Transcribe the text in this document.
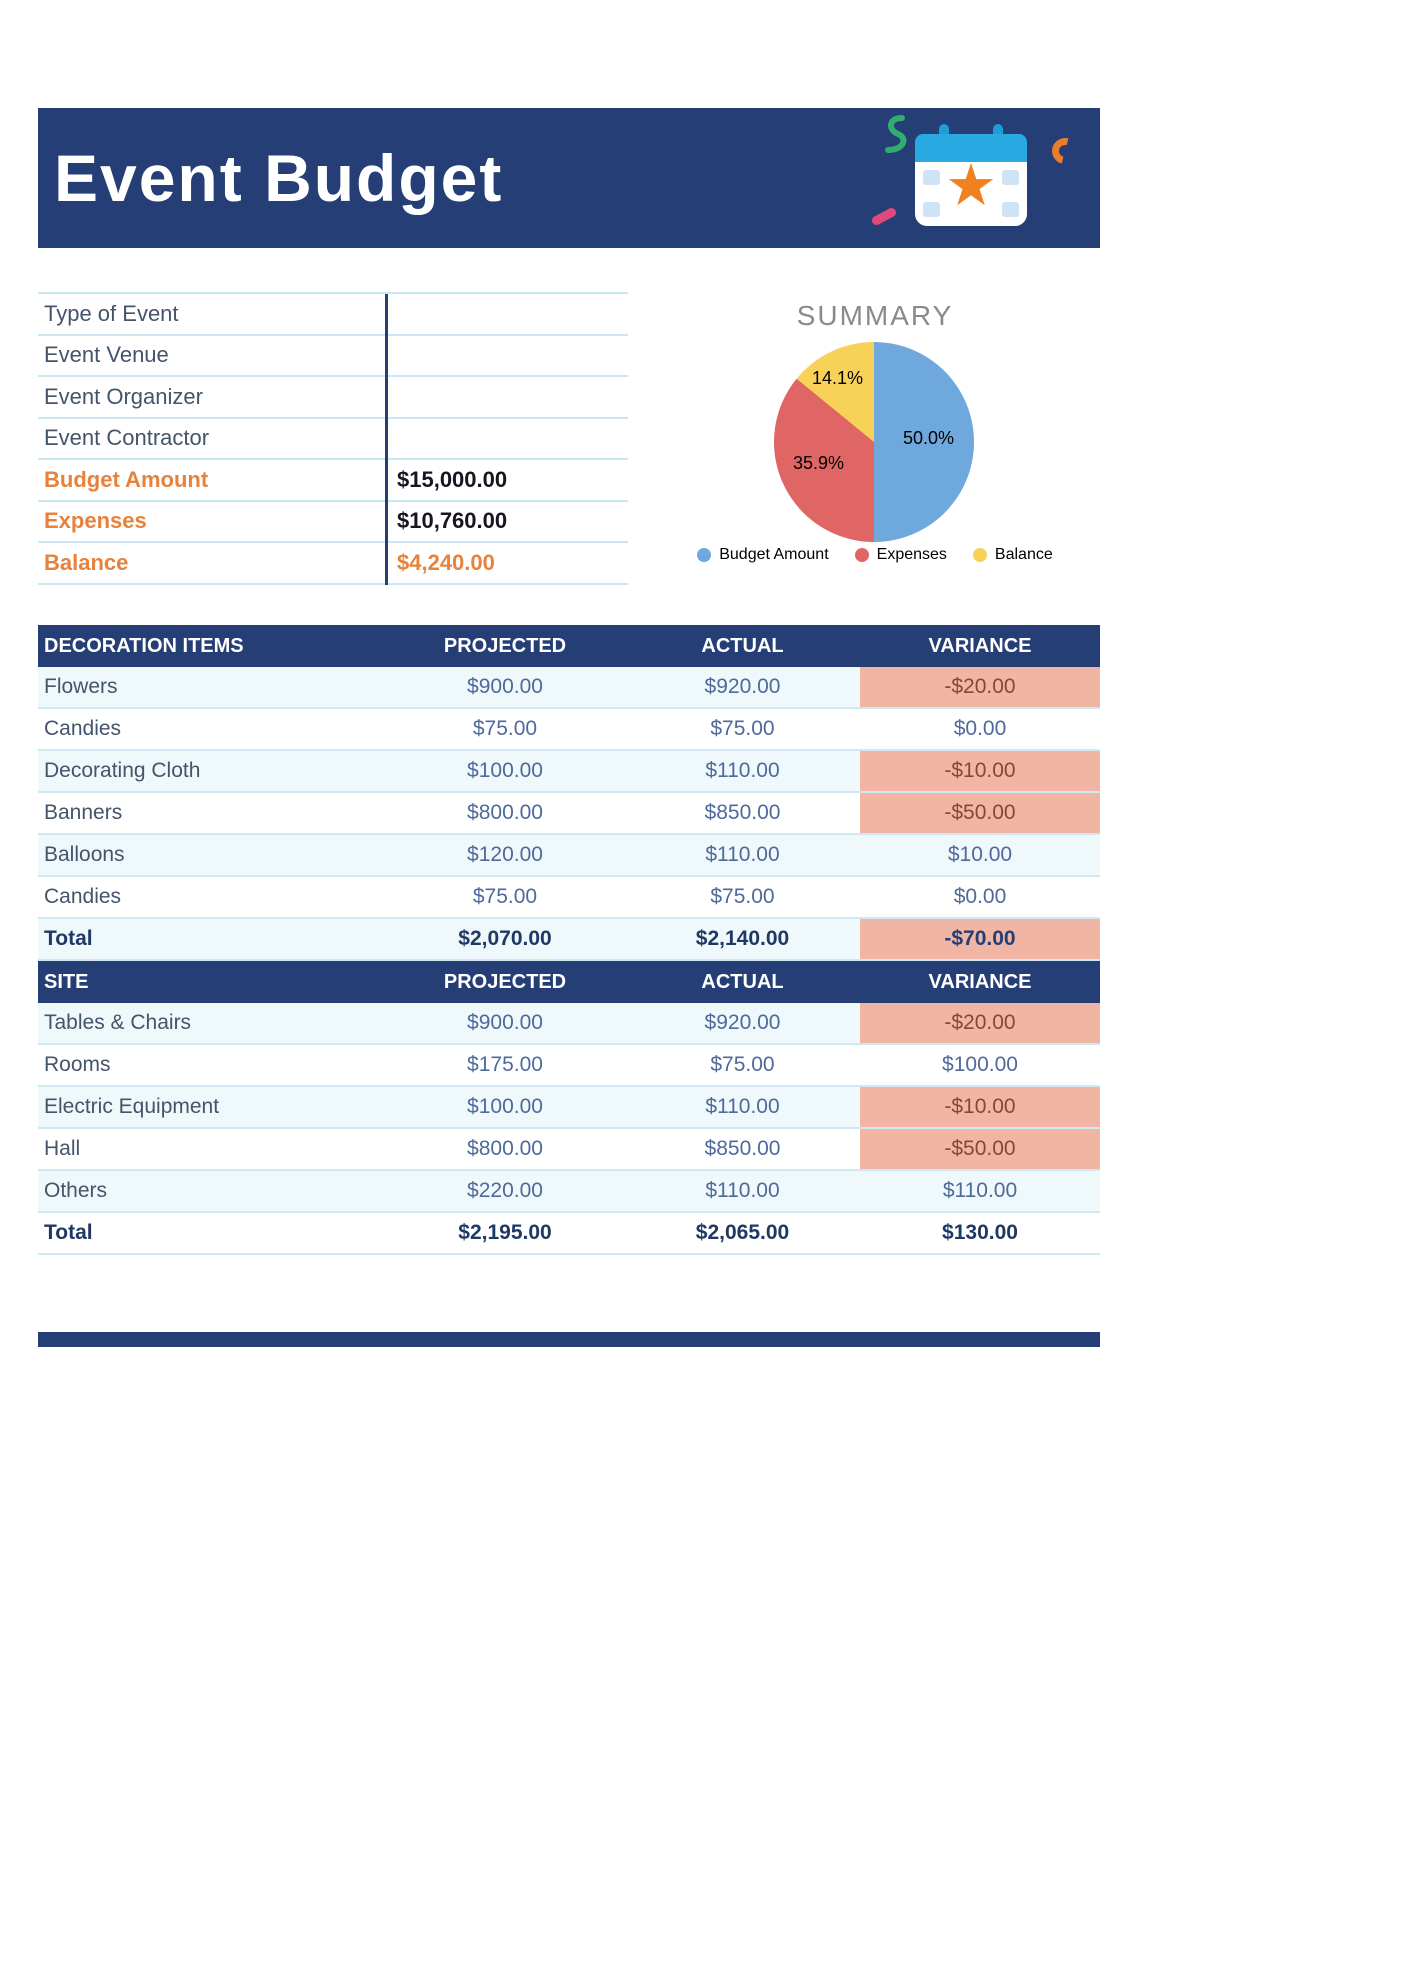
Event Budget	★
Type of Event
Event Venue
Event Organizer
Event Contractor
Budget Amount	$15,000.00
Expenses	$10,760.00
Balance	$4,240.00
SUMMARY
50.0%
35.9%
14.1%
Budget Amount	Expenses	Balance
DECORATION ITEMS	PROJECTED	ACTUAL	VARIANCE
Flowers	$900.00	$920.00	-$20.00
Candies	$75.00	$75.00	$0.00
Decorating Cloth	$100.00	$110.00	-$10.00
Banners	$800.00	$850.00	-$50.00
Balloons	$120.00	$110.00	$10.00
Candies	$75.00	$75.00	$0.00
Total	$2,070.00	$2,140.00	-$70.00
SITE	PROJECTED	ACTUAL	VARIANCE
Tables & Chairs	$900.00	$920.00	-$20.00
Rooms	$175.00	$75.00	$100.00
Electric Equipment	$100.00	$110.00	-$10.00
Hall	$800.00	$850.00	-$50.00
Others	$220.00	$110.00	$110.00
Total	$2,195.00	$2,065.00	$130.00
